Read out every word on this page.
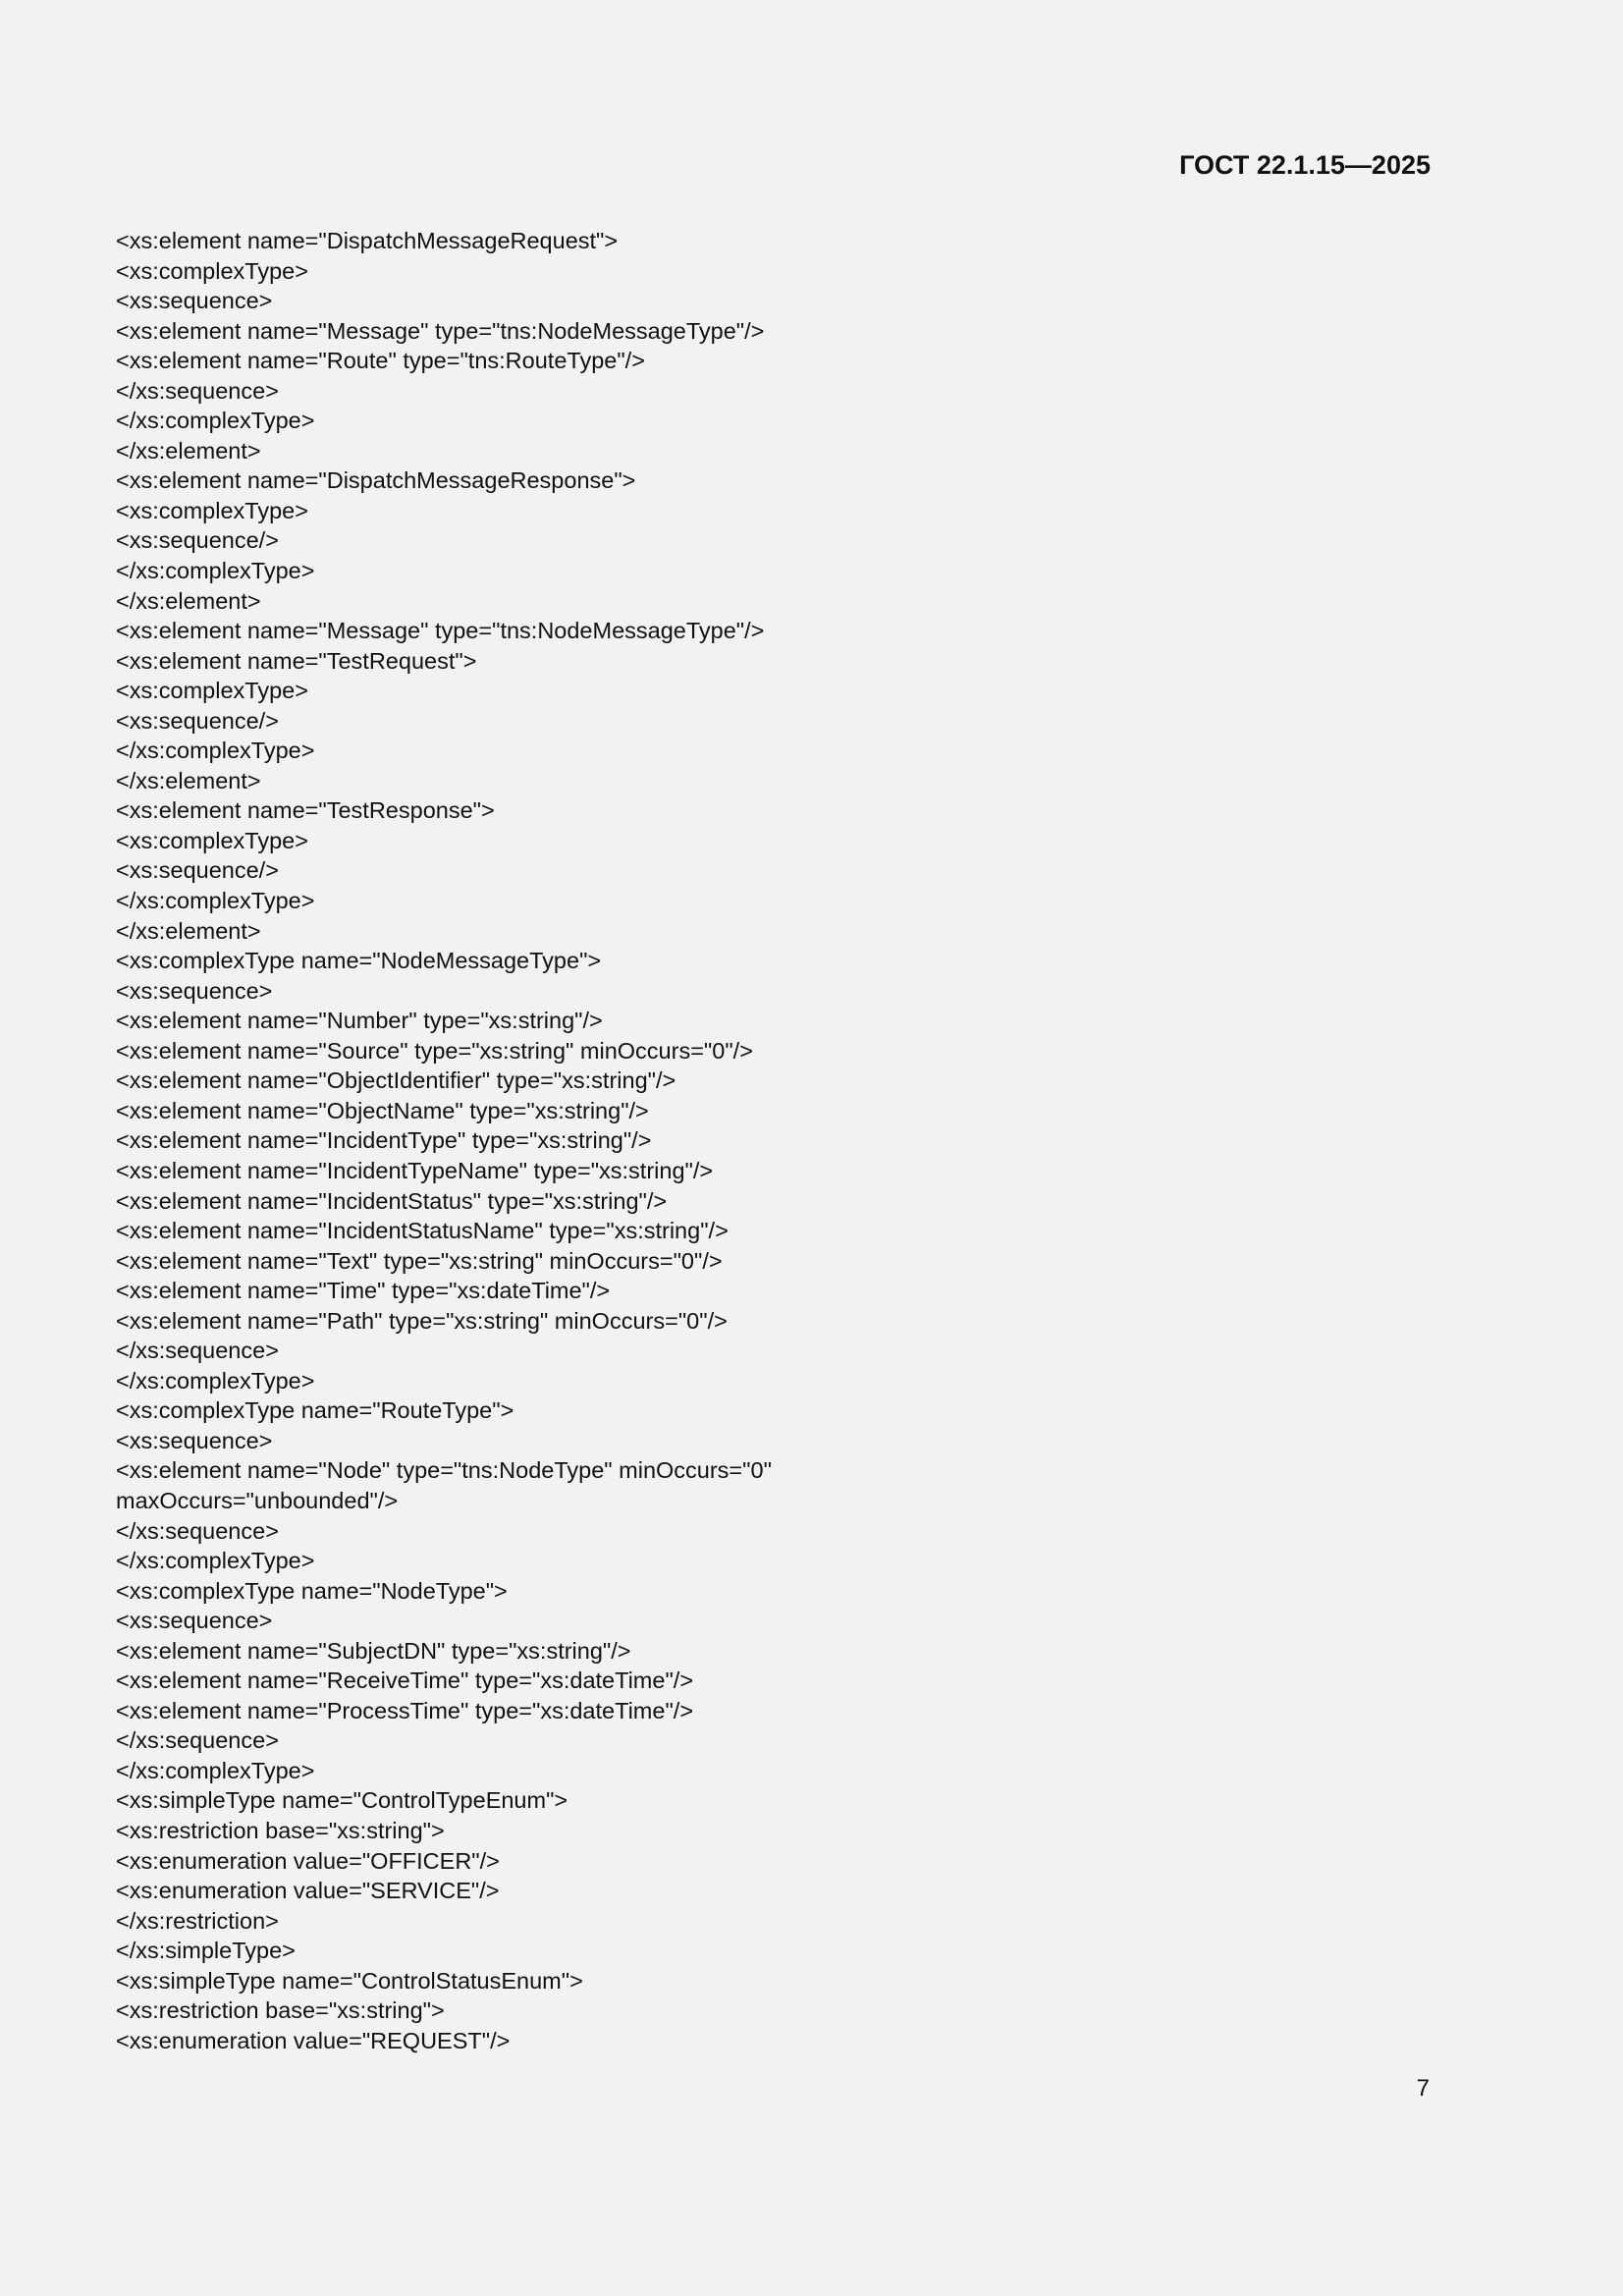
ГОСТ 22.1.15—2025
<xs:element name="DispatchMessageRequest">
<xs:complexType>
<xs:sequence>
<xs:element name="Message" type="tns:NodeMessageType"/>
<xs:element name="Route" type="tns:RouteType"/>
</xs:sequence>
</xs:complexType>
</xs:element>
<xs:element name="DispatchMessageResponse">
<xs:complexType>
<xs:sequence/>
</xs:complexType>
</xs:element>
<xs:element name="Message" type="tns:NodeMessageType"/>
<xs:element name="TestRequest">
<xs:complexType>
<xs:sequence/>
</xs:complexType>
</xs:element>
<xs:element name="TestResponse">
<xs:complexType>
<xs:sequence/>
</xs:complexType>
</xs:element>
<xs:complexType name="NodeMessageType">
<xs:sequence>
<xs:element name="Number" type="xs:string"/>
<xs:element name="Source" type="xs:string" minOccurs="0"/>
<xs:element name="ObjectIdentifier" type="xs:string"/>
<xs:element name="ObjectName" type="xs:string"/>
<xs:element name="IncidentType" type="xs:string"/>
<xs:element name="IncidentTypeName" type="xs:string"/>
<xs:element name="IncidentStatus" type="xs:string"/>
<xs:element name="IncidentStatusName" type="xs:string"/>
<xs:element name="Text" type="xs:string" minOccurs="0"/>
<xs:element name="Time" type="xs:dateTime"/>
<xs:element name="Path" type="xs:string" minOccurs="0"/>
</xs:sequence>
</xs:complexType>
<xs:complexType name="RouteType">
<xs:sequence>
<xs:element name="Node" type="tns:NodeType" minOccurs="0"
maxOccurs="unbounded"/>
</xs:sequence>
</xs:complexType>
<xs:complexType name="NodeType">
<xs:sequence>
<xs:element name="SubjectDN" type="xs:string"/>
<xs:element name="ReceiveTime" type="xs:dateTime"/>
<xs:element name="ProcessTime" type="xs:dateTime"/>
</xs:sequence>
</xs:complexType>
<xs:simpleType name="ControlTypeEnum">
<xs:restriction base="xs:string">
<xs:enumeration value="OFFICER"/>
<xs:enumeration value="SERVICE"/>
</xs:restriction>
</xs:simpleType>
<xs:simpleType name="ControlStatusEnum">
<xs:restriction base="xs:string">
<xs:enumeration value="REQUEST"/>
7
